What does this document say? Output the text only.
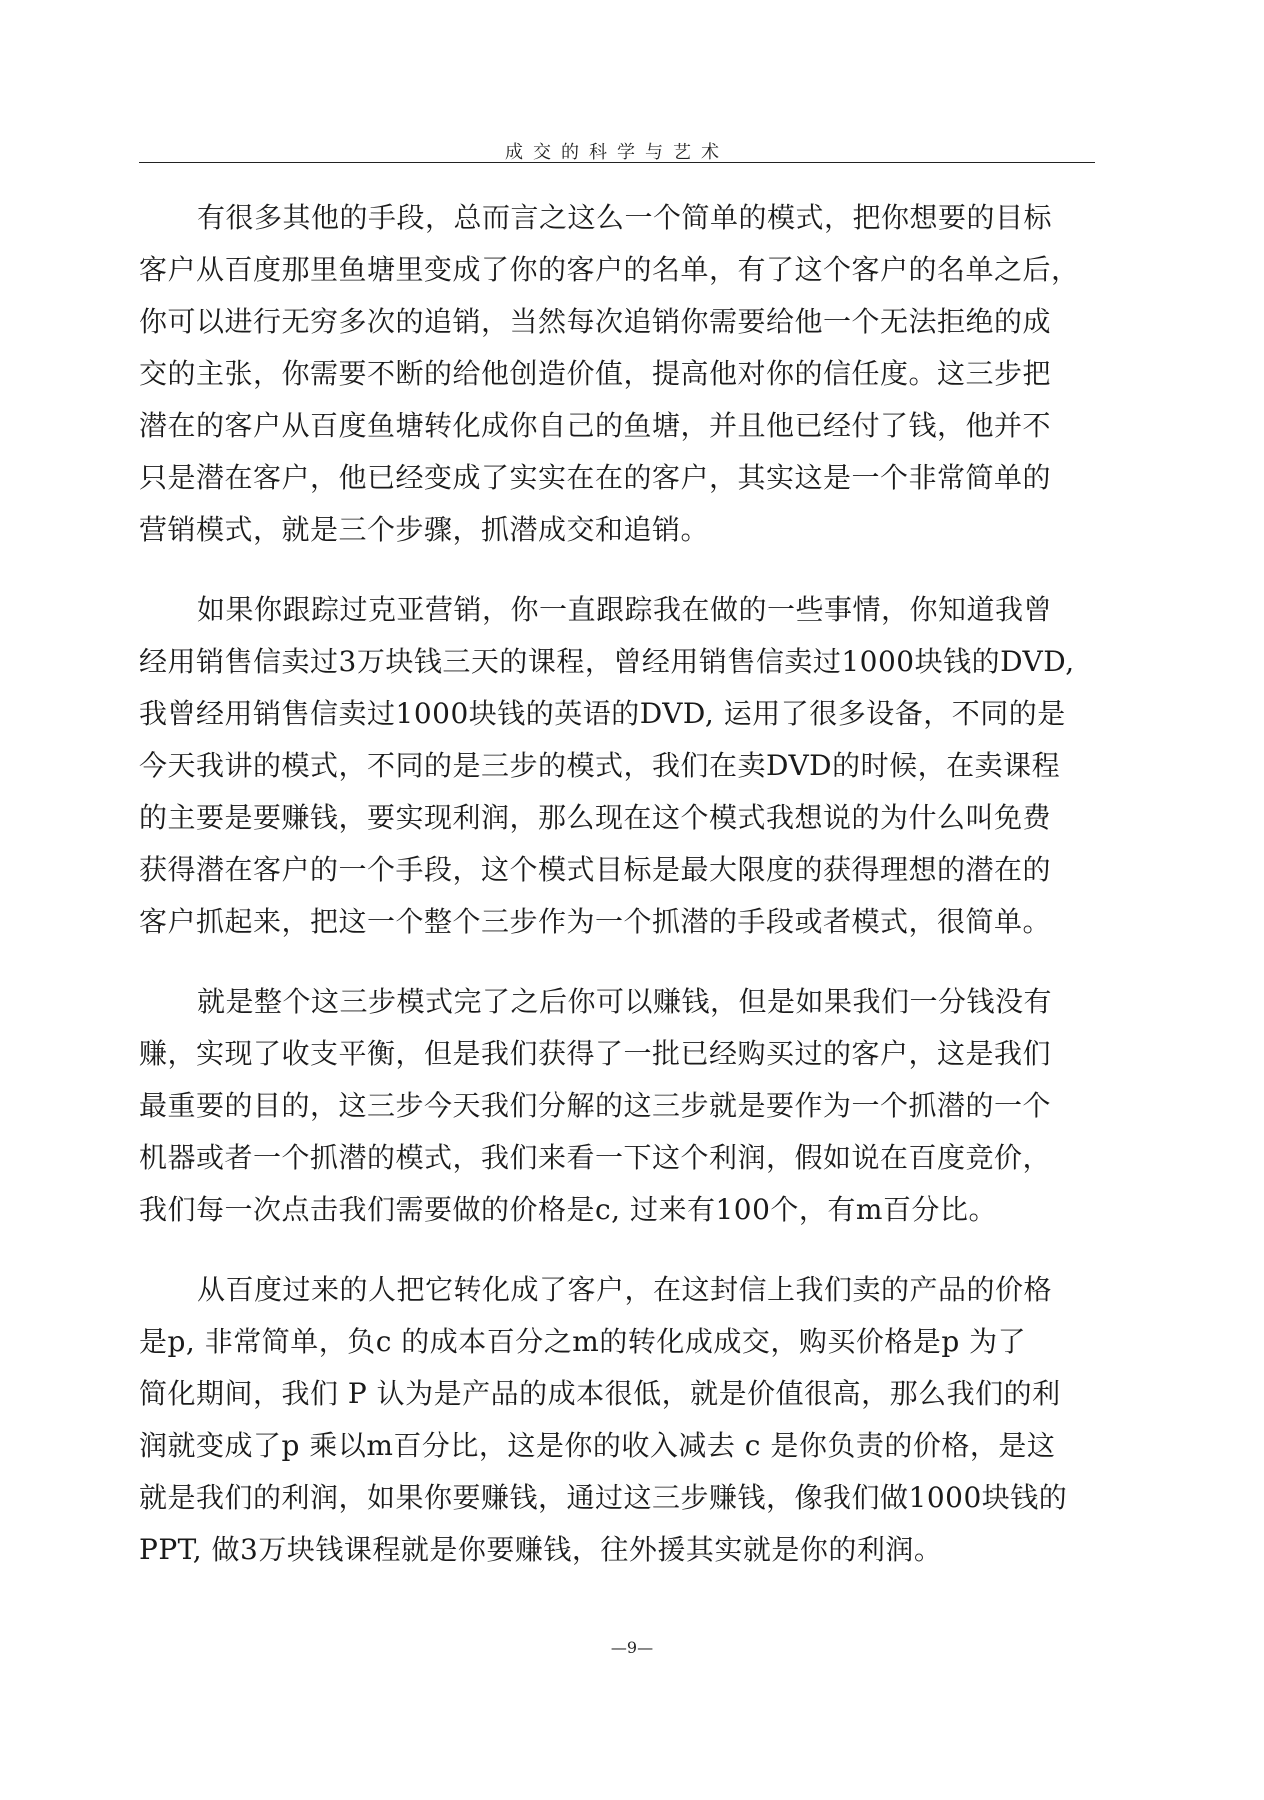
成交的科学与艺术
有很多其他的手段，总而言之这么一个简单的模式，把你想要的目标
客户从百度那里鱼塘里变成了你的客户的名单，有了这个客户的名单之后，
你可以进行无穷多次的追销，当然每次追销你需要给他一个无法拒绝的成
交的主张，你需要不断的给他创造价值，提高他对你的信任度。这三步把
潜在的客户从百度鱼塘转化成你自己的鱼塘，并且他已经付了钱，他并不
只是潜在客户，他已经变成了实实在在的客户，其实这是一个非常简单的
营销模式，就是三个步骤，抓潜成交和追销。
如果你跟踪过克亚营销，你一直跟踪我在做的一些事情，你知道我曾
经用销售信卖过3万块钱三天的课程，曾经用销售信卖过1000块钱的DVD,
我曾经用销售信卖过1000块钱的英语的DVD, 运用了很多设备，不同的是
今天我讲的模式，不同的是三步的模式，我们在卖DVD的时候，在卖课程
的主要是要赚钱，要实现利润，那么现在这个模式我想说的为什么叫免费
获得潜在客户的一个手段，这个模式目标是最大限度的获得理想的潜在的
客户抓起来，把这一个整个三步作为一个抓潜的手段或者模式，很简单。
就是整个这三步模式完了之后你可以赚钱，但是如果我们一分钱没有
赚，实现了收支平衡，但是我们获得了一批已经购买过的客户，这是我们
最重要的目的，这三步今天我们分解的这三步就是要作为一个抓潜的一个
机器或者一个抓潜的模式，我们来看一下这个利润，假如说在百度竞价，
我们每一次点击我们需要做的价格是c, 过来有100个，有m百分比。
从百度过来的人把它转化成了客户，在这封信上我们卖的产品的价格
是p, 非常简单，负c 的成本百分之m的转化成成交，购买价格是p 为了
简化期间，我们 P 认为是产品的成本很低，就是价值很高，那么我们的利
润就变成了p 乘以m百分比，这是你的收入减去 c 是你负责的价格，是这
就是我们的利润，如果你要赚钱，通过这三步赚钱，像我们做1000块钱的
PPT, 做3万块钱课程就是你要赚钱，往外援其实就是你的利润。
—9—
